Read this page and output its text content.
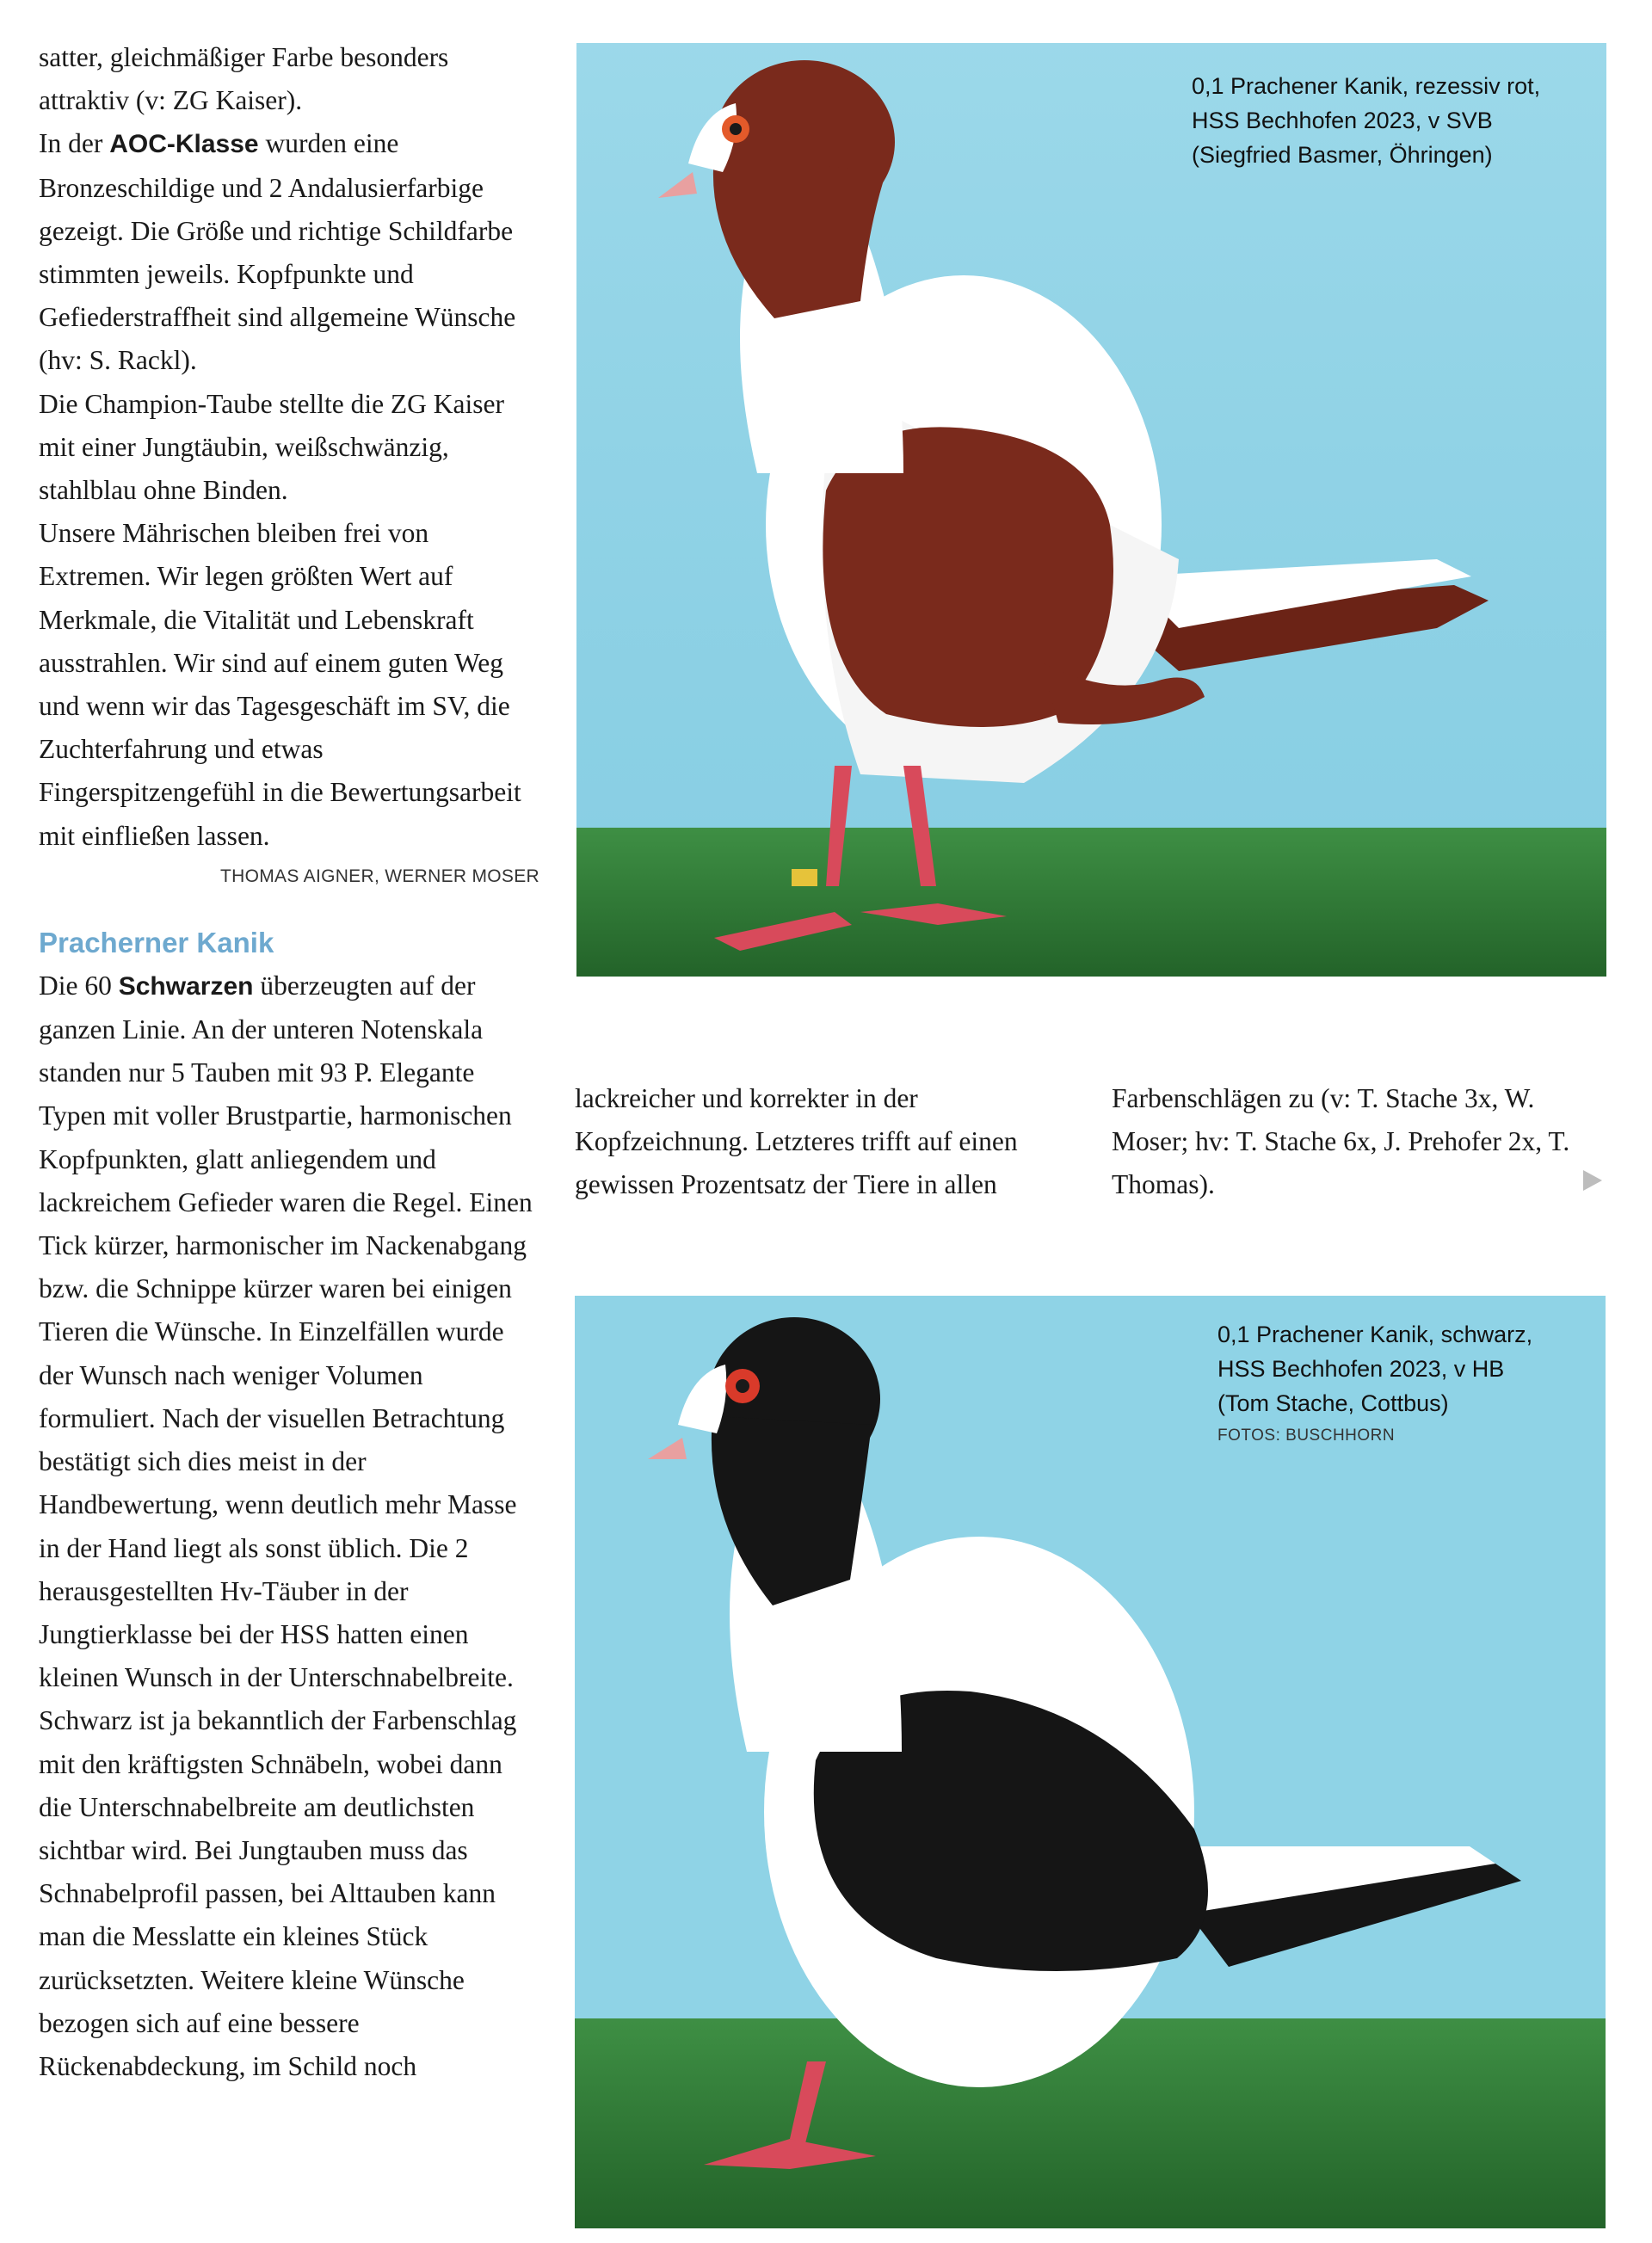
satter, gleichmäßiger Farbe besonders attraktiv (v: ZG Kaiser).

In der AOC-Klasse wurden eine Bronzeschildige und 2 Andalusierfarbige gezeigt. Die Größe und richtige Schildfarbe stimmten jeweils. Kopfpunkte und Gefiederstraffheit sind allgemeine Wünsche (hv: S. Rackl).

Die Champion-Taube stellte die ZG Kaiser mit einer Jungtäubin, weißschwänzig, stahlblau ohne Binden.

Unsere Mährischen bleiben frei von Extremen. Wir legen größten Wert auf Merkmale, die Vitalität und Lebenskraft ausstrahlen. Wir sind auf einem guten Weg und wenn wir das Tagesgeschäft im SV, die Zuchterfahrung und etwas Fingerspitzengefühl in die Bewertungsarbeit mit einfließen lassen.

THOMAS AIGNER, WERNER MOSER

Pracherner Kanik

Die 60 Schwarzen überzeugten auf der ganzen Linie. An der unteren Notenskala standen nur 5 Tauben mit 93 P. Elegante Typen mit voller Brustpartie, harmonischen Kopfpunkten, glatt anliegendem und lackreichem Gefieder waren die Regel. Einen Tick kürzer, harmonischer im Nackenabgang bzw. die Schnippe kürzer waren bei einigen Tieren die Wünsche. In Einzelfällen wurde der Wunsch nach weniger Volumen formuliert. Nach der visuellen Betrachtung bestätigt sich dies meist in der Handbewertung, wenn deutlich mehr Masse in der Hand liegt als sonst üblich. Die 2 herausgestellten Hv-Täuber in der Jungtierklasse bei der HSS hatten einen kleinen Wunsch in der Unterschnabelbreite. Schwarz ist ja bekanntlich der Farbenschlag mit den kräftigsten Schnäbeln, wobei dann die Unterschnabelbreite am deutlichsten sichtbar wird. Bei Jungtauben muss das Schnabelprofil passen, bei Alttauben kann man die Messlatte ein kleines Stück zurücksetzten. Weitere kleine Wünsche bezogen sich auf eine bessere Rückenabdeckung, im Schild noch

lackreicher und korrekter in der Kopfzeichnung. Letzteres trifft auf einen gewissen Prozentsatz der Tiere in allen

Farbenschlägen zu (v: T. Stache 3x, W. Moser; hv: T. Stache 6x, J. Prehofer 2x, T. Thomas).

0,1 Prachener Kanik, rezessiv rot,
HSS Bechhofen 2023, v SVB
(Siegfried Basmer, Öhringen)
0,1 Prachener Kanik, schwarz,
HSS Bechhofen 2023, v HB
(Tom Stache, Cottbus)
FOTOS: BUSCHHORN
